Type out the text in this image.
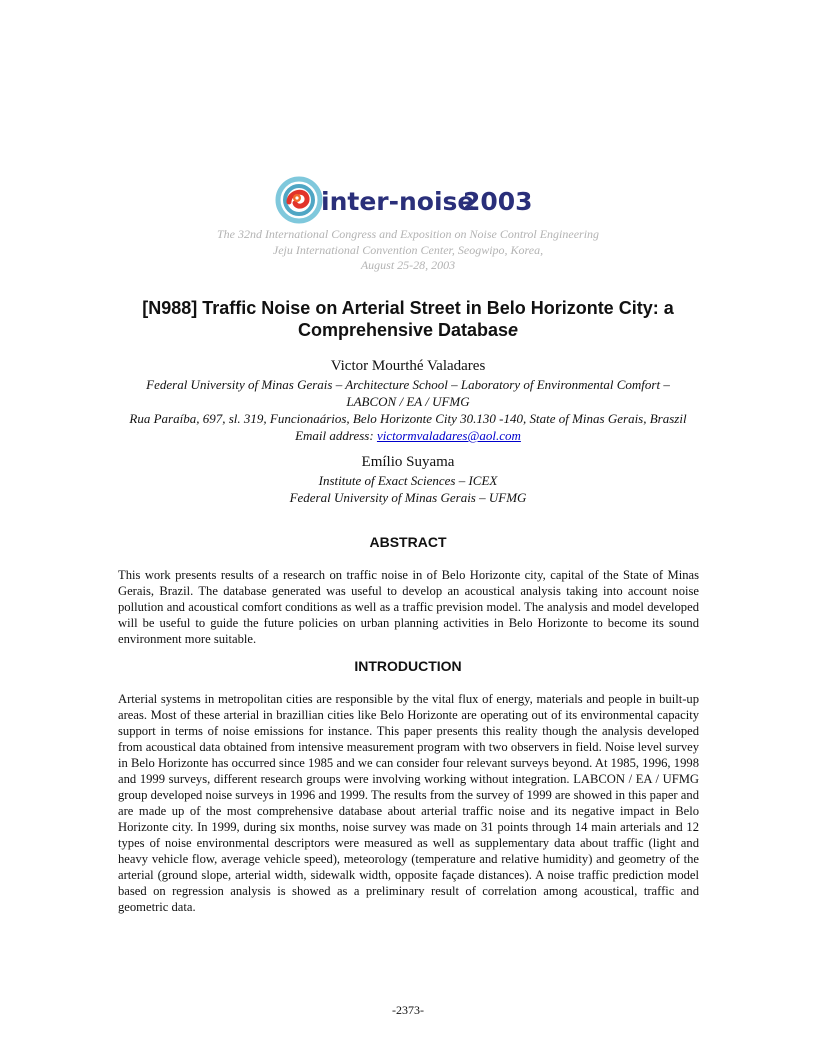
inter-noise
2003
The 32nd International Congress and Exposition on Noise Control Engineering
Jeju International Convention Center, Seogwipo, Korea,
August 25-28, 2003
[N988] Traffic Noise on Arterial Street in Belo Horizonte City: a
Comprehensive Database
Victor Mourthé Valadares
Federal University of Minas Gerais – Architecture School – Laboratory of Environmental Comfort –
LABCON / EA / UFMG
Rua Paraíba, 697, sl. 319, Funcionaários, Belo Horizonte City 30.130 -140, State of Minas Gerais, Braszil
Email address: victormvaladares@aol.com
Emílio Suyama
Institute of Exact Sciences – ICEX
Federal University of Minas Gerais – UFMG
ABSTRACT
This work presents results of a research on traffic noise in of Belo Horizonte city, capital of the State of Minas Gerais, Brazil. The database generated was useful to develop an acoustical analysis taking into account noise pollution and acoustical comfort conditions as well as a traffic prevision model. The analysis and model developed will be useful to guide the future policies on urban planning activities in Belo Horizonte to become its sound environment more suitable.
INTRODUCTION
Arterial systems in metropolitan cities are responsible by the vital flux of energy, materials and people in built-up areas. Most of these arterial in brazillian cities like Belo Horizonte are operating out of its environmental capacity support in terms of noise emissions for instance. This paper presents this reality though the analysis developed from acoustical data obtained from intensive measurement program with two observers in field. Noise level survey in Belo Horizonte has occurred since 1985 and we can consider four relevant surveys beyond. At 1985, 1996, 1998 and 1999 surveys, different research groups were involving working without integration. LABCON / EA / UFMG group developed noise surveys in 1996 and 1999. The results from the survey of 1999 are showed in this paper and are made up of the most comprehensive database about arterial traffic noise and its negative impact in Belo Horizonte city. In 1999, during six months, noise survey was made on 31 points through 14 main arterials and 12 types of noise environmental descriptors were measured as well as supplementary data about traffic (light and heavy vehicle flow, average vehicle speed), meteorology (temperature and relative humidity) and geometry of the arterial (ground slope, arterial width, sidewalk width, opposite façade distances). A noise traffic prediction model based on regression analysis is showed as a preliminary result of correlation among acoustical, traffic and geometric data.
-2373-
